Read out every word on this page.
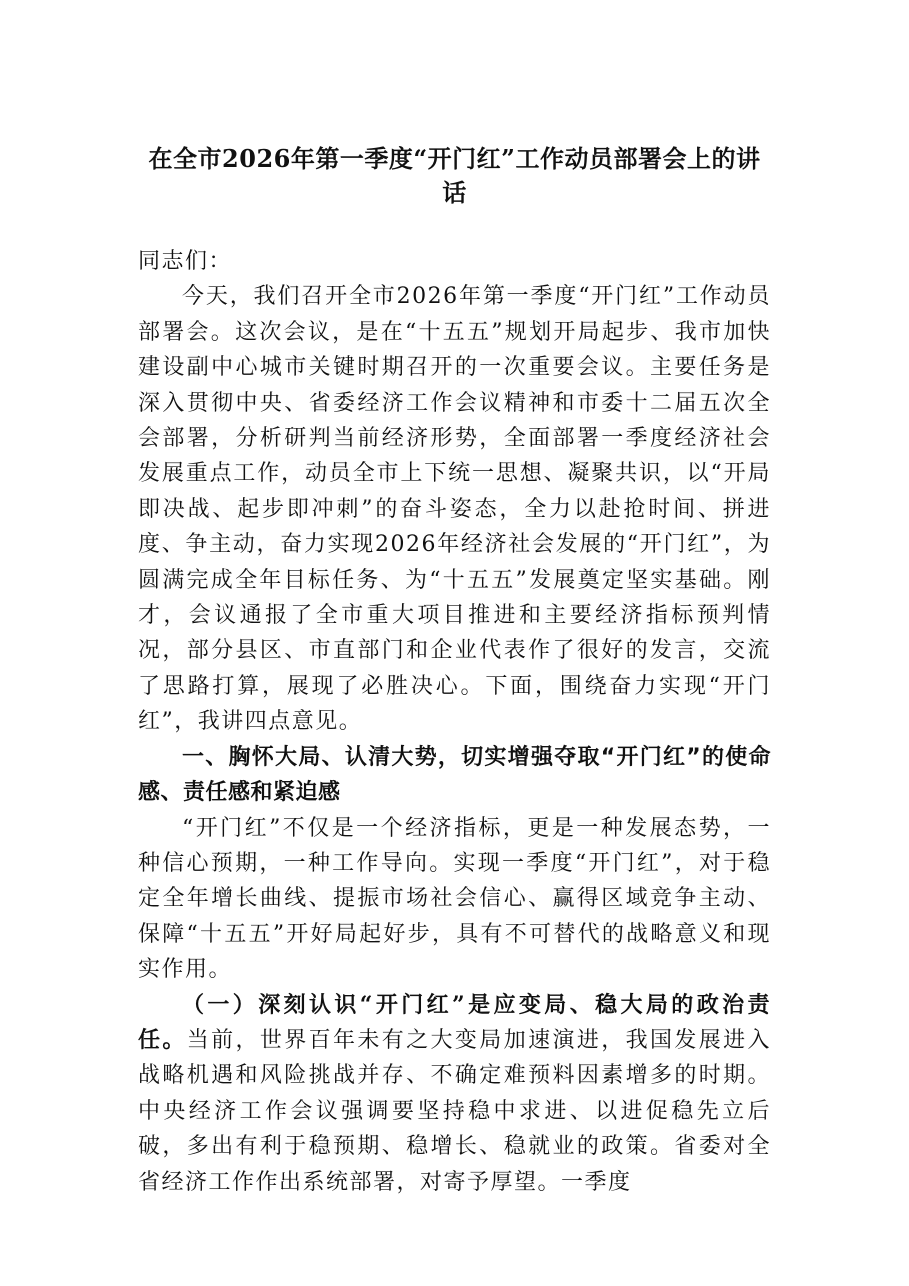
在全市2026年第一季度“开门红”工作动员部署会上的讲话

同志们：

今天，我们召开全市2026年第一季度“开门红”工作动员部署会。这次会议，是在“十五五”规划开局起步、我市加快建设副中心城市关键时期召开的一次重要会议。主要任务是深入贯彻中央、省委经济工作会议精神和市委十二届五次全会部署，分析研判当前经济形势，全面部署一季度经济社会发展重点工作，动员全市上下统一思想、凝聚共识，以“开局即决战、起步即冲刺”的奋斗姿态，全力以赴抢时间、拼进度、争主动，奋力实现2026年经济社会发展的“开门红”，为圆满完成全年目标任务、为“十五五”发展奠定坚实基础。刚才，会议通报了全市重大项目推进和主要经济指标预判情况，部分县区、市直部门和企业代表作了很好的发言，交流了思路打算，展现了必胜决心。下面，围绕奋力实现“开门红”，我讲四点意见。

一、胸怀大局、认清大势，切实增强夺取“开门红”的使命感、责任感和紧迫感

“开门红”不仅是一个经济指标，更是一种发展态势，一种信心预期，一种工作导向。实现一季度“开门红”，对于稳定全年增长曲线、提振市场社会信心、赢得区域竞争主动、保障“十五五”开好局起好步，具有不可替代的战略意义和现实作用。

（一）深刻认识“开门红”是应变局、稳大局的政治责任。当前，世界百年未有之大变局加速演进，我国发展进入战略机遇和风险挑战并存、不确定难预料因素增多的时期。中央经济工作会议强调要坚持稳中求进、以进促稳先立后破，多出有利于稳预期、稳增长、稳就业的政策。省委对全省经济工作作出系统部署，对寄予厚望。一季度
